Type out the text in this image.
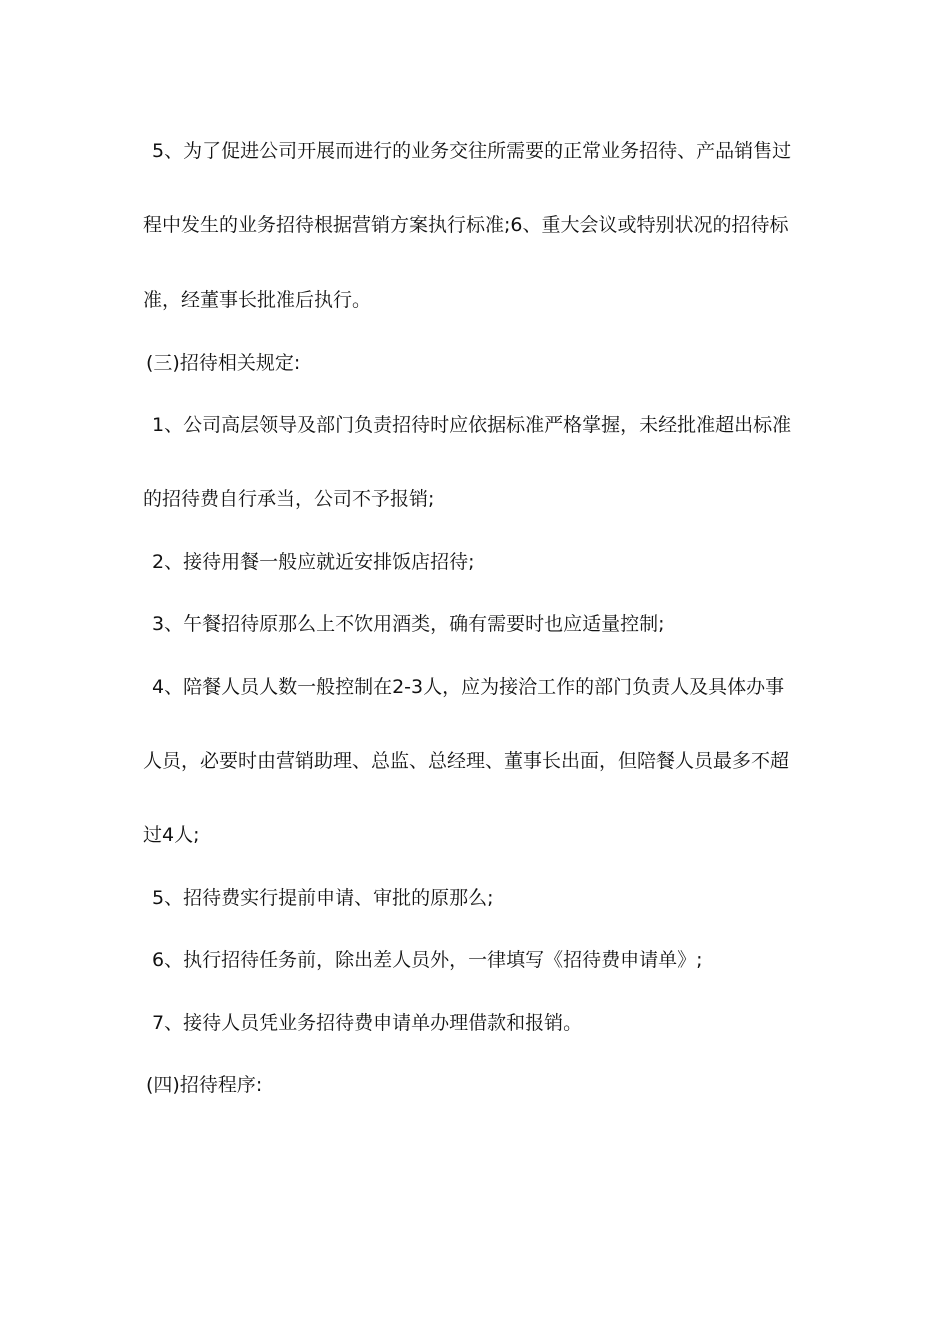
5、为了促进公司开展而进行的业务交往所需要的正常业务招待、产品销售过
程中发生的业务招待根据营销方案执行标准;6、重大会议或特别状况的招待标
准，经董事长批准后执行。
(三)招待相关规定:
1、公司高层领导及部门负责招待时应依据标准严格掌握，未经批准超出标准
的招待费自行承当，公司不予报销;
2、接待用餐一般应就近安排饭店招待;
3、午餐招待原那么上不饮用酒类，确有需要时也应适量控制;
4、陪餐人员人数一般控制在2-3人，应为接洽工作的部门负责人及具体办事
人员，必要时由营销助理、总监、总经理、董事长出面，但陪餐人员最多不超
过4人;
5、招待费实行提前申请、审批的原那么;
6、执行招待任务前，除出差人员外，一律填写《招待费申请单》;
7、接待人员凭业务招待费申请单办理借款和报销。
(四)招待程序:
